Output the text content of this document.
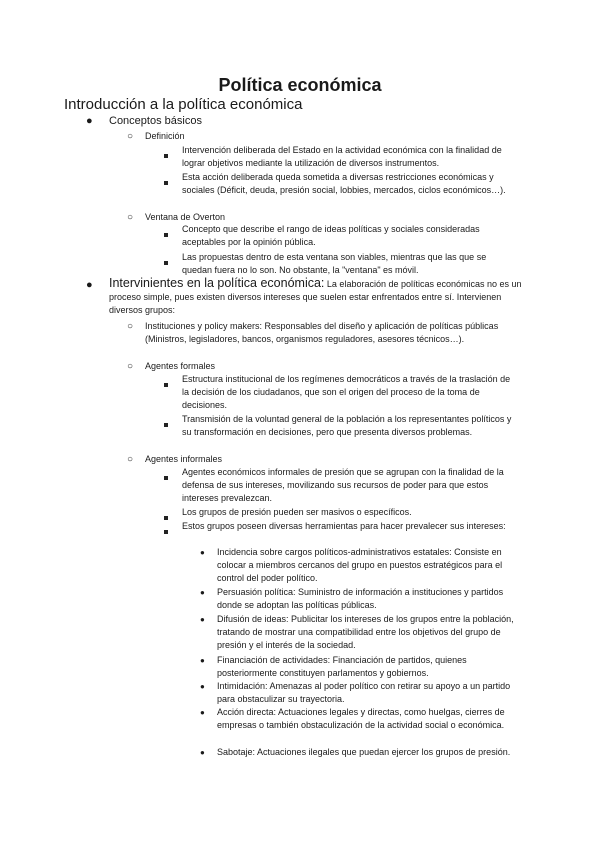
Política económica
Introducción a la política económica
● Conceptos básicos
○ Definición
Intervención deliberada del Estado en la actividad económica con la finalidad de lograr objetivos mediante la utilización de diversos instrumentos.
Esta acción deliberada queda sometida a diversas restricciones económicas y sociales (Déficit, deuda, presión social, lobbies, mercados, ciclos económicos…).
○ Ventana de Overton
Concepto que describe el rango de ideas políticas y sociales consideradas aceptables por la opinión pública.
Las propuestas dentro de esta ventana son viables, mientras que las que se quedan fuera no lo son. No obstante, la "ventana" es móvil.
● Intervinientes en la política económica: La elaboración de políticas económicas no es un proceso simple, pues existen diversos intereses que suelen estar enfrentados entre sí. Intervienen diversos grupos:
○ Instituciones y policy makers: Responsables del diseño y aplicación de políticas públicas (Ministros, legisladores, bancos, organismos reguladores, asesores técnicos…).
○ Agentes formales
Estructura institucional de los regímenes democráticos a través de la traslación de la decisión de los ciudadanos, que son el origen del proceso de la toma de decisiones.
Transmisión de la voluntad general de la población a los representantes políticos y su transformación en decisiones, pero que presenta diversos problemas.
○ Agentes informales
Agentes económicos informales de presión que se agrupan con la finalidad de la defensa de sus intereses, movilizando sus recursos de poder para que estos intereses prevalezcan.
Los grupos de presión pueden ser masivos o específicos.
Estos grupos poseen diversas herramientas para hacer prevalecer sus intereses:
● Incidencia sobre cargos políticos-administrativos estatales: Consiste en colocar a miembros cercanos del grupo en puestos estratégicos para el control del poder político.
● Persuasión política: Suministro de información a instituciones y partidos donde se adoptan las políticas públicas.
● Difusión de ideas: Publicitar los intereses de los grupos entre la población, tratando de mostrar una compatibilidad entre los objetivos del grupo de presión y el interés de la sociedad.
● Financiación de actividades: Financiación de partidos, quienes posteriormente constituyen parlamentos y gobiernos.
● Intimidación: Amenazas al poder político con retirar su apoyo a un partido para obstaculizar su trayectoria.
● Acción directa: Actuaciones legales y directas, como huelgas, cierres de empresas o también obstaculización de la actividad social o económica.
● Sabotaje: Actuaciones ilegales que puedan ejercer los grupos de presión.
